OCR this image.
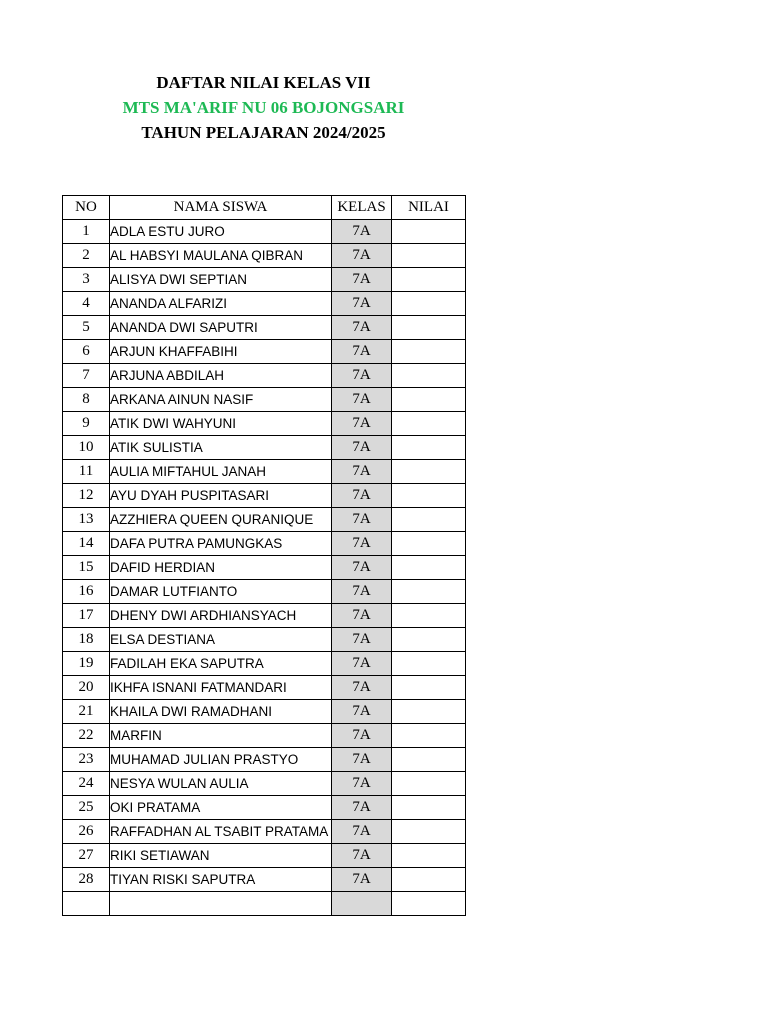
DAFTAR NILAI KELAS VII
MTS MA'ARIF NU 06 BOJONGSARI
TAHUN PELAJARAN 2024/2025
NO	NAMA SISWA	KELAS	NILAI
1	ADLA ESTU JURO	7A	
2	AL HABSYI MAULANA QIBRAN	7A	
3	ALISYA DWI SEPTIAN	7A	
4	ANANDA ALFARIZI	7A	
5	ANANDA DWI SAPUTRI	7A	
6	ARJUN KHAFFABIHI	7A	
7	ARJUNA ABDILAH	7A	
8	ARKANA AINUN NASIF	7A	
9	ATIK DWI WAHYUNI	7A	
10	ATIK SULISTIA	7A	
11	AULIA MIFTAHUL JANAH	7A	
12	AYU DYAH PUSPITASARI	7A	
13	AZZHIERA QUEEN QURANIQUE	7A	
14	DAFA PUTRA PAMUNGKAS	7A	
15	DAFID HERDIAN	7A	
16	DAMAR LUTFIANTO	7A	
17	DHENY DWI ARDHIANSYACH	7A	
18	ELSA DESTIANA	7A	
19	FADILAH EKA SAPUTRA	7A	
20	IKHFA ISNANI FATMANDARI	7A	
21	KHAILA DWI RAMADHANI	7A	
22	MARFIN	7A	
23	MUHAMAD JULIAN PRASTYO	7A	
24	NESYA WULAN AULIA	7A	
25	OKI PRATAMA	7A	
26	RAFFADHAN AL TSABIT PRATAMA	7A	
27	RIKI SETIAWAN	7A	
28	TIYAN RISKI SAPUTRA	7A	
